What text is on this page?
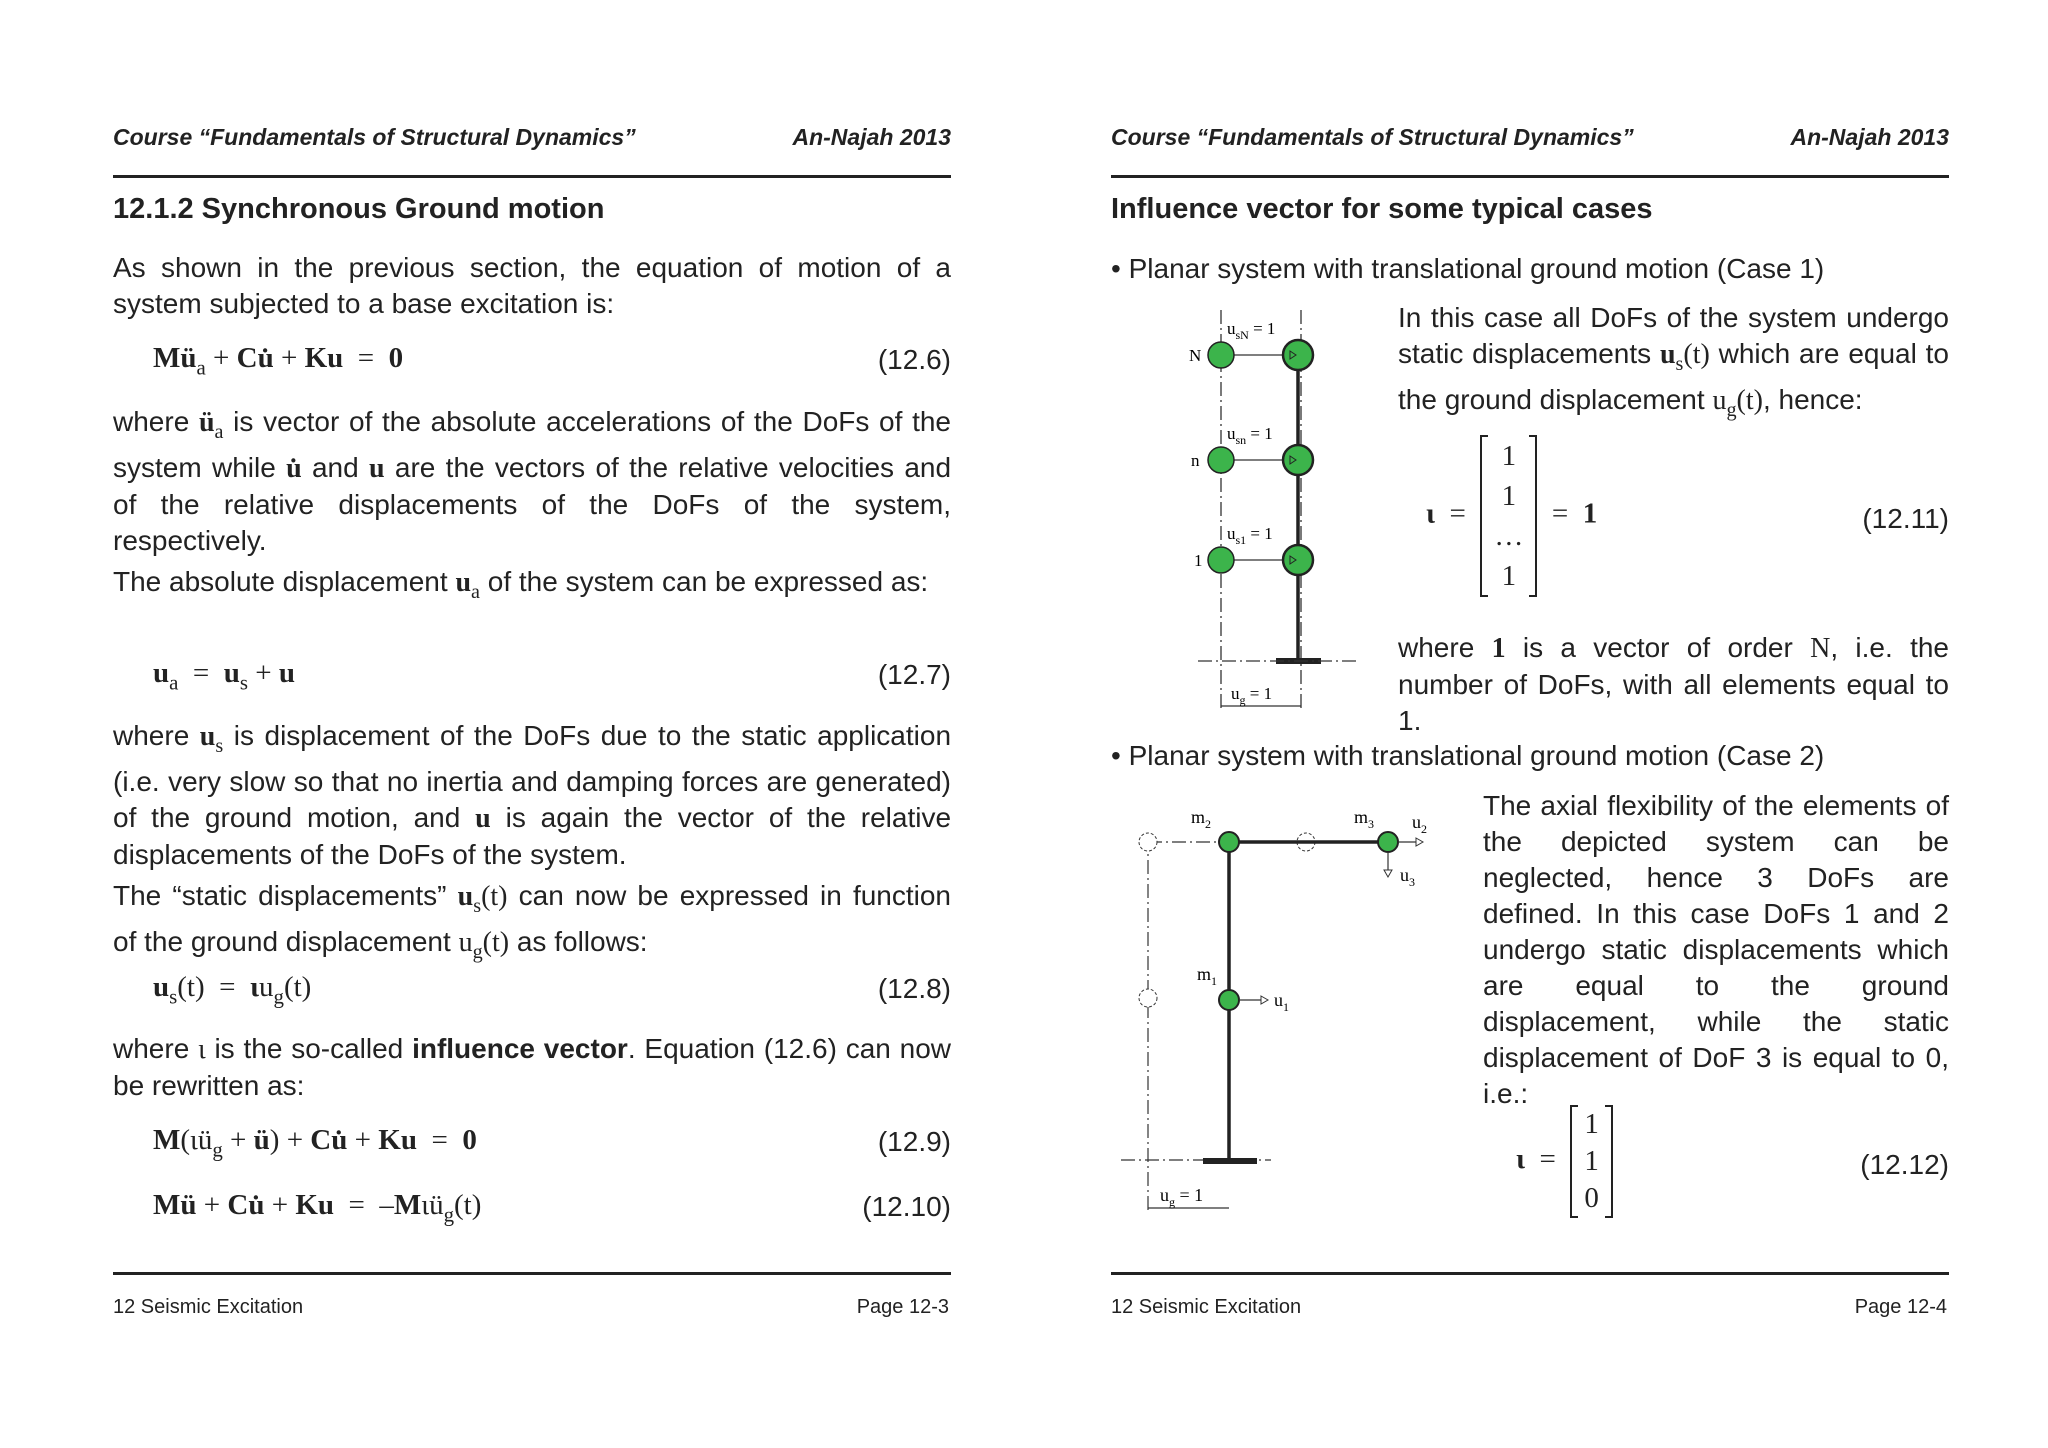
Course “Fundamentals of Structural Dynamics”	An-Najah 2013
12.1.2 Synchronous Ground motion
As shown in the previous section, the equation of motion of a system subjected to a base excitation is:
$Mü_a$ + Cu̇ + Ku  =  0	(12.6)
where $ü_a$ is vector of the absolute accelerations of the DoFs of the system while u̇ and u are the vectors of the relative velocities and of the relative displacements of the DoFs of the system, respectively.
The absolute displacement $u_a$ of the system can be expressed as:
$u_a = u_s + u$	(12.7)
where $u_s$ is displacement of the DoFs due to the static application (i.e. very slow so that no inertia and damping forces are generated) of the ground motion, and u is again the vector of the relative displacements of the DoFs of the system.
The “static displacements” $u_s(t)$ can now be expressed in function of the ground displacement $u_g(t)$ as follows:
$u_s(t) = \iota u_g(t)$	(12.8)
where ι is the so-called influence vector. Equation (12.6) can now be rewritten as:
$M(\iota ü_g$ + ü) + Cu̇ + Ku  =  0	(12.9)
Mü + Cu̇ + Ku  =  –Mιü$_g$(t)	(12.10)
12 Seismic Excitation	Page 12-3
Course “Fundamentals of Structural Dynamics”	An-Najah 2013
Influence vector for some typical cases
• Planar system with translational ground motion (Case 1)
N
$u_{sN} = 1$
n
$u_{sn} = 1$
1
$u_{s1} = 1$
$u_g = 1$
In this case all DoFs of the system undergo static displacements $u_s(t)$ which are equal to the ground displacement $u_g(t)$, hence:
ι  =
1
1
…
1
=  1	(12.11)
where 1 is a vector of order N, i.e. the number of DoFs, with all elements equal to 1.
• Planar system with translational ground motion (Case 2)
$m_2$	$m_3$ $u_2$
$u_3$
$m_1$
$u_1$
$u_g = 1$
The axial flexibility of the elements of the depicted system can be neglected, hence 3 DoFs are defined. In this case DoFs 1 and 2 undergo static displacements which are equal to the ground displacement, while the static displacement of DoF 3 is equal to 0, i.e.:
ι  =
1
1
0
(12.12)
12 Seismic Excitation	Page 12-4
